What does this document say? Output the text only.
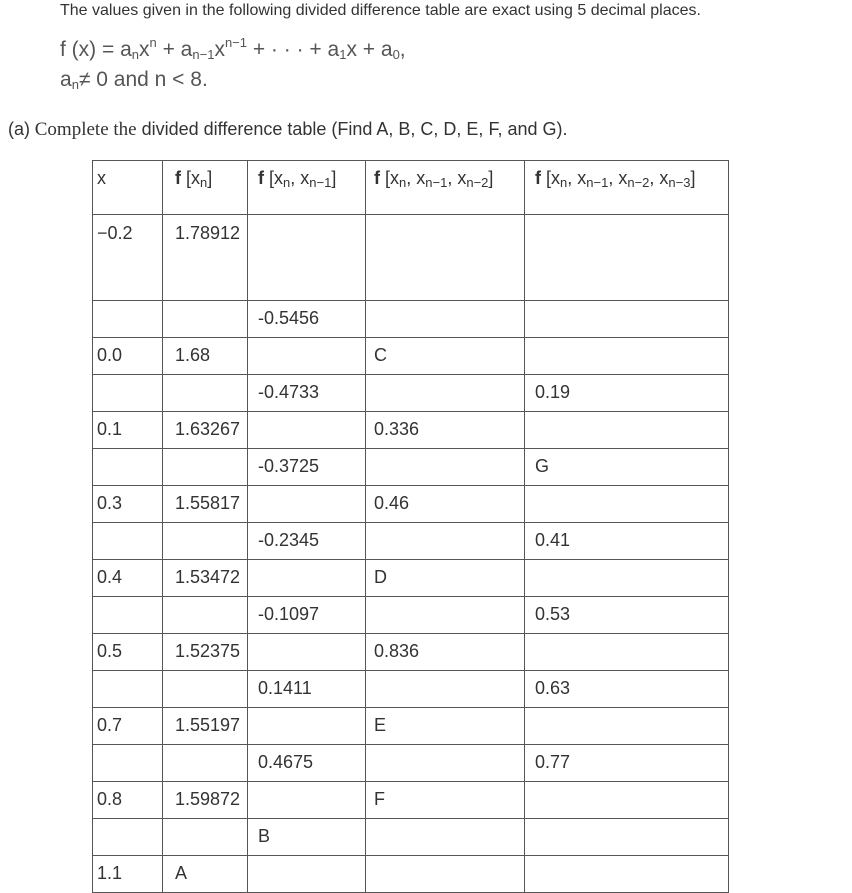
The values given in the following divided difference table are exact using 5 decimal places.
f $(x) = a_nx^n + a_{n-1}x^{n-1}$ + · · · + $a_1x + a_0$,
$a_n\ne 0$ and n < 8.
(a) Complete the divided difference table (Find A, B, C, D, E, F, and G).
x	f $[x_n]$	f [$x_n$, $x_{n-1}$]	f [$x_n$, $x_{n-1}$, $x_{n-2}$]	f [$x_n$, $x_{n-1}$, $x_{n-2}$, $x_{n-3}$]
−0.2	1.78912			
		-0.5456		
0.0	1.68		C	
		-0.4733		0.19
0.1	1.63267		0.336	
		-0.3725		G
0.3	1.55817		0.46	
		-0.2345		0.41
0.4	1.53472		D	
		-0.1097		0.53
0.5	1.52375		0.836	
		0.1411		0.63
0.7	1.55197		E	
		0.4675		0.77
0.8	1.59872		F	
		B		
1.1	A			
